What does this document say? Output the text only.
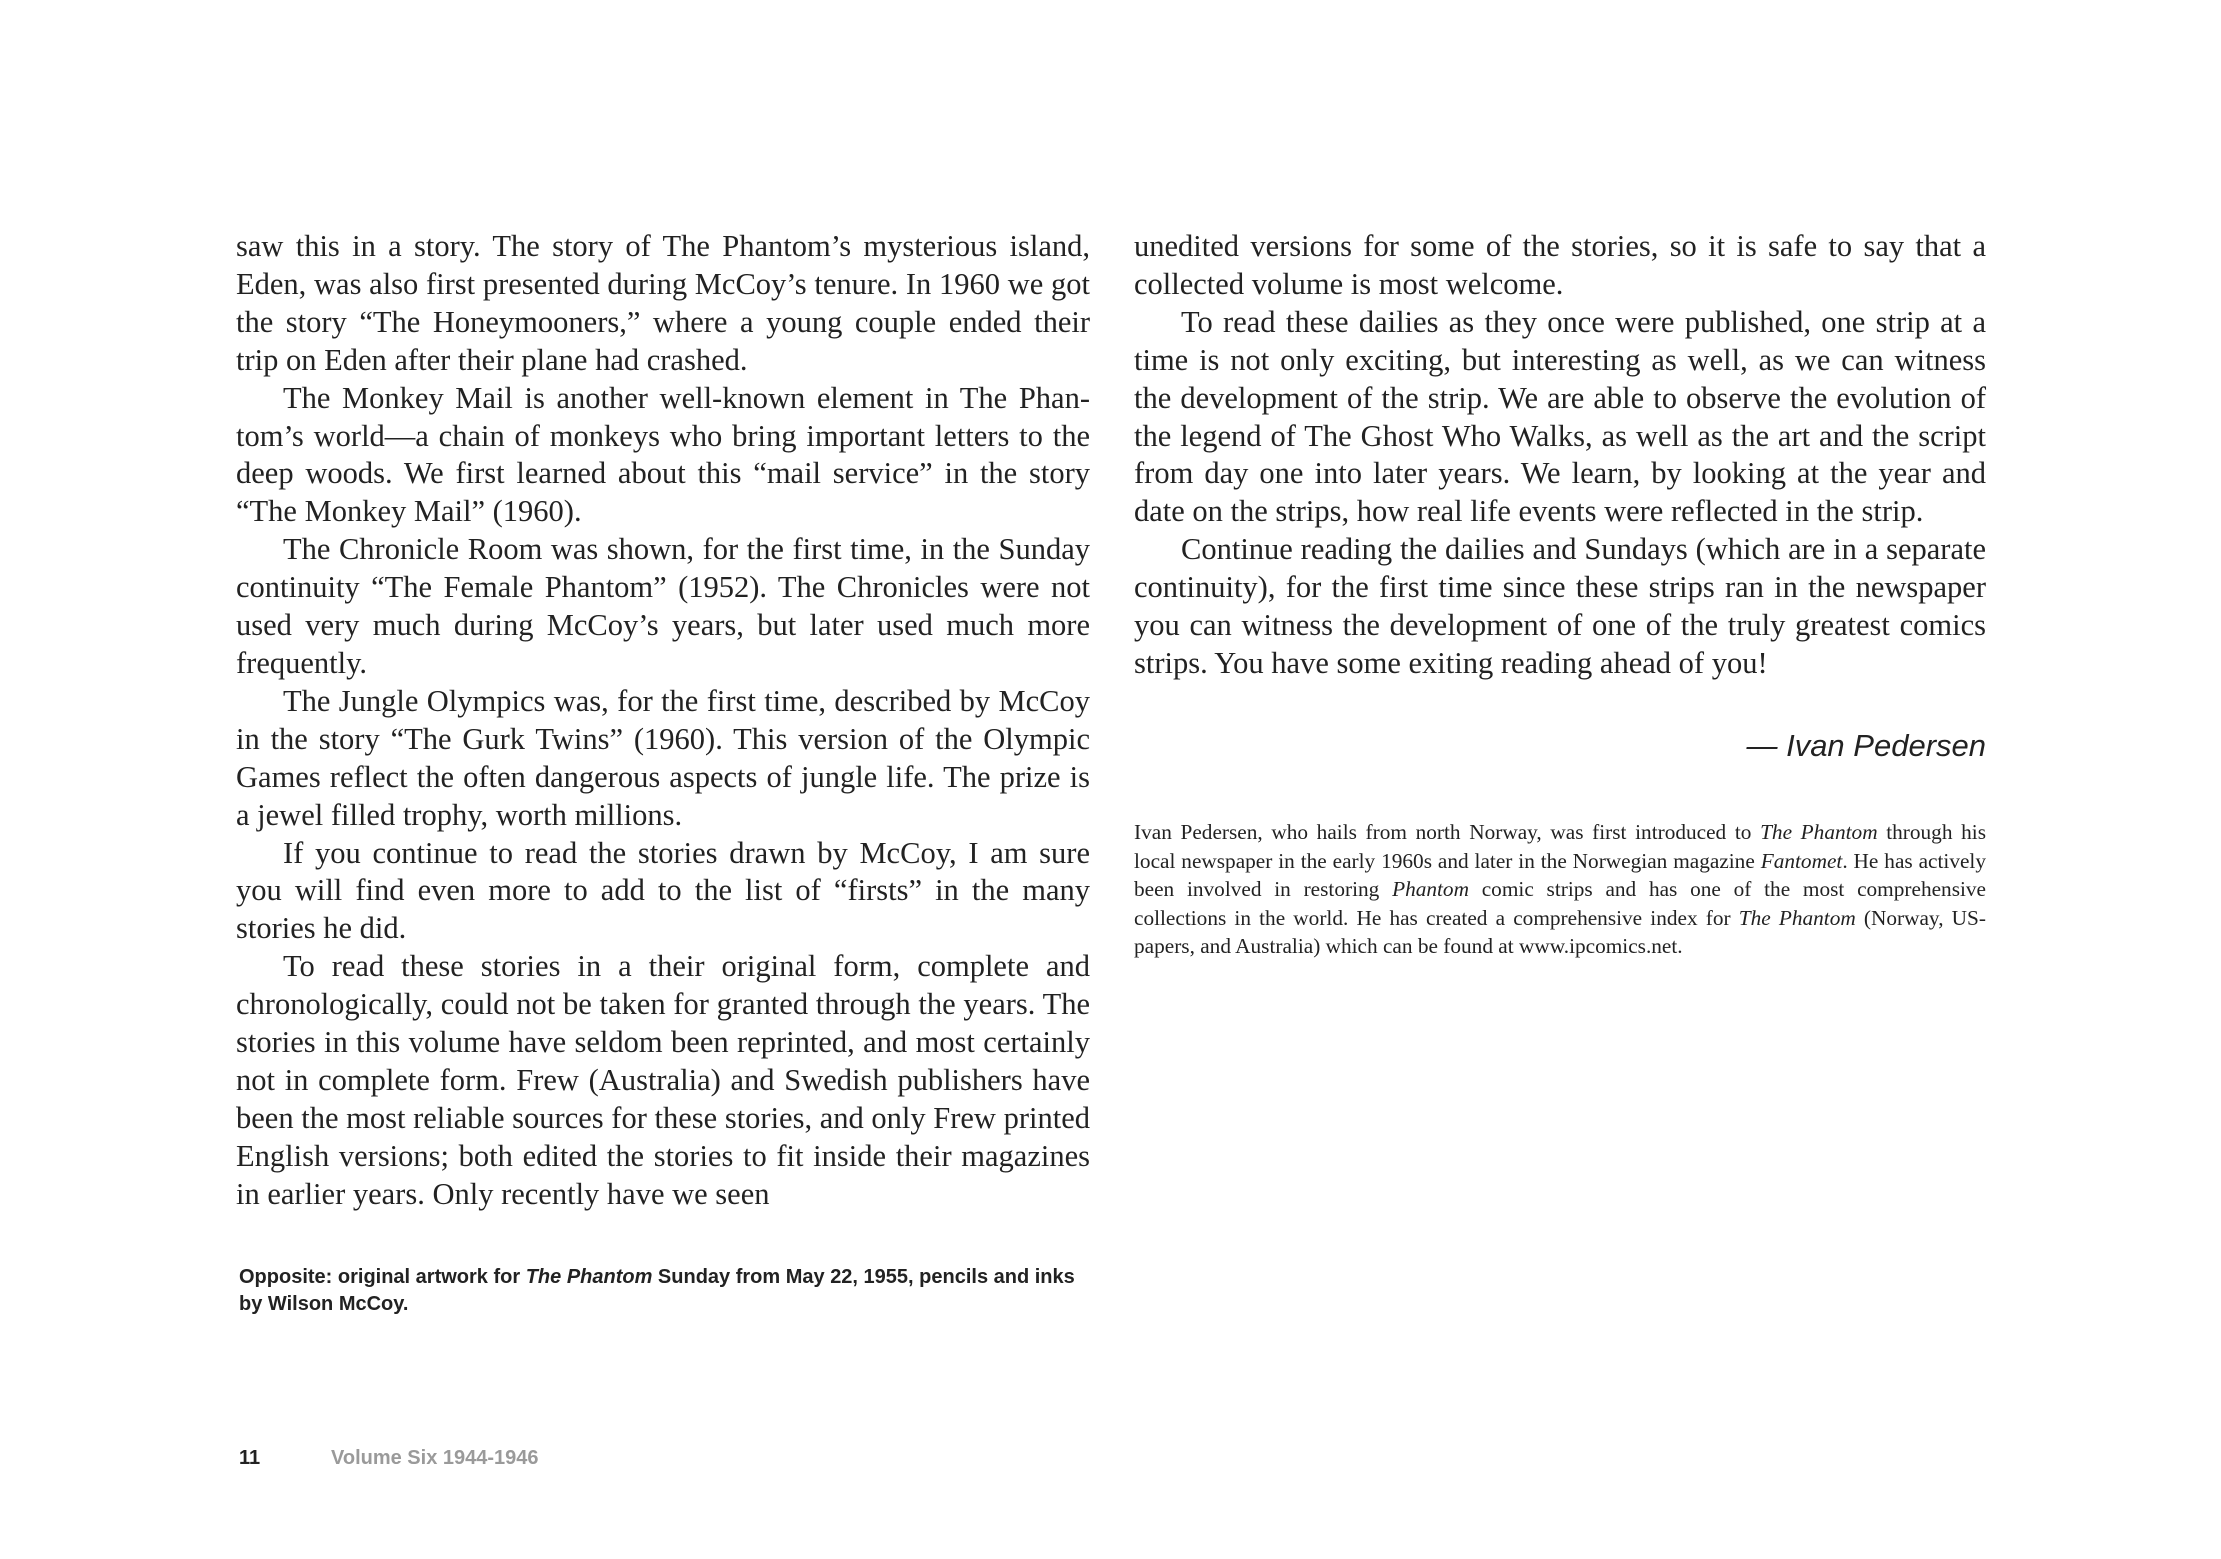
saw this in a story. The story of The Phantom’s mysterious island, Eden, was also first presented during McCoy’s tenure. In 1960 we got the story “The Honeymooners,” where a young couple ended their trip on Eden after their plane had crashed.

The Monkey Mail is another well-known element in The Phantom’s world—a chain of monkeys who bring important letters to the deep woods. We first learned about this “mail service” in the story “The Monkey Mail” (1960).

The Chronicle Room was shown, for the first time, in the Sunday continuity “The Female Phantom” (1952). The Chronicles were not used very much during McCoy’s years, but later used much more frequently.

The Jungle Olympics was, for the first time, described by McCoy in the story “The Gurk Twins” (1960). This version of the Olympic Games reflect the often dangerous aspects of jungle life. The prize is a jewel filled trophy, worth millions.

If you continue to read the stories drawn by McCoy, I am sure you will find even more to add to the list of “firsts” in the many stories he did.

To read these stories in a their original form, complete and chronologically, could not be taken for granted through the years. The stories in this volume have seldom been reprinted, and most certainly not in complete form. Frew (Australia) and Swedish publishers have been the most reliable sources for these stories, and only Frew printed English versions; both edited the stories to fit inside their magazines in earlier years. Only recently have we seen

unedited versions for some of the stories, so it is safe to say that a collected volume is most welcome.

To read these dailies as they once were published, one strip at a time is not only exciting, but interesting as well, as we can witness the development of the strip. We are able to observe the evolution of the legend of The Ghost Who Walks, as well as the art and the script from day one into later years. We learn, by looking at the year and date on the strips, how real life events were reflected in the strip.

Continue reading the dailies and Sundays (which are in a separate continuity), for the first time since these strips ran in the newspaper you can witness the development of one of the truly greatest comics strips. You have some exiting reading ahead of you!

— Ivan Pedersen
Ivan Pedersen, who hails from north Norway, was first introduced to The Phantom through his local newspaper in the early 1960s and later in the Norwegian magazine Fantomet. He has actively been involved in restoring Phantom comic strips and has one of the most comprehensive collections in the world. He has created a comprehensive index for The Phantom (Norway, US-papers, and Australia) which can be found at www.ipcomics.net.
Opposite: original artwork for The Phantom Sunday from May 22, 1955, pencils and inks by Wilson McCoy.
11	Volume Six 1944-1946
